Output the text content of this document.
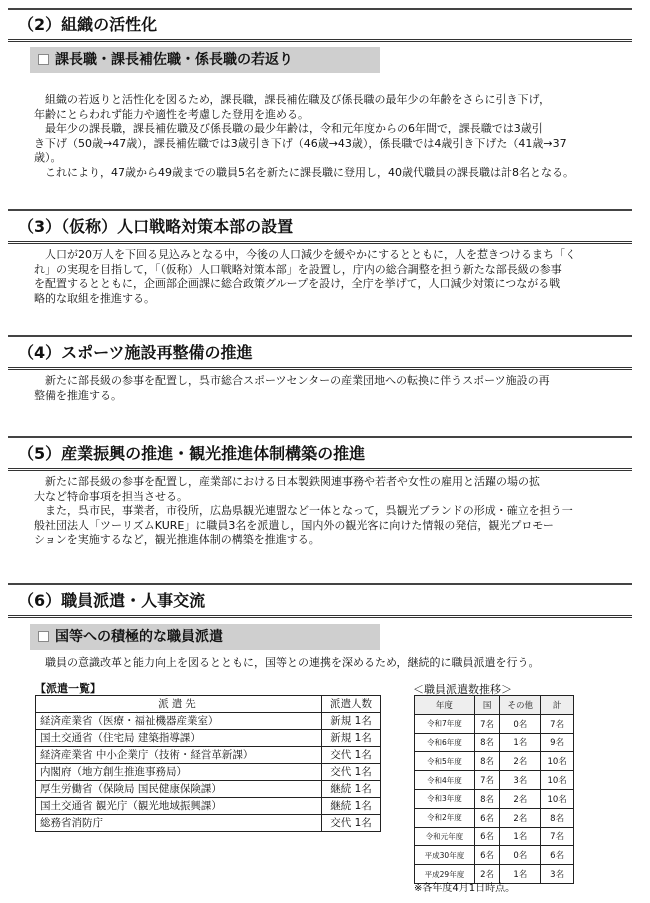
（2）組織の活性化
課長職・課長補佐職・係長職の若返り

組織の若返りと活性化を図るため，課長職，課長補佐職及び係長職の最年少の年齢をさらに引き下げ，

年齢にとらわれず能力や適性を考慮した登用を進める。

最年少の課長職，課長補佐職及び係長職の最少年齢は，令和元年度からの6年間で，課長職では3歳引

き下げ（50歳→47歳），課長補佐職では3歳引き下げ（46歳→43歳），係長職では4歳引き下げた（41歳→37
歳）。

これにより，47歳から49歳までの職員5名を新たに課長職に登用し，40歳代職員の課長職は計8名となる。

（3）（仮称）人口戦略対策本部の設置

人口が20万人を下回る見込みとなる中，今後の人口減少を緩やかにするとともに，人を惹きつけるまち「く

れ」の実現を目指して，「（仮称）人口戦略対策本部」を設置し，庁内の総合調整を担う新たな部長級の参事
を配置するとともに，企画部企画課に総合政策グループを設け，全庁を挙げて，人口減少対策につながる戦
略的な取組を推進する。
（4）スポーツ施設再整備の推進

新たに部長級の参事を配置し，呉市総合スポーツセンターの産業団地への転換に伴うスポーツ施設の再

整備を推進する。
（5）産業振興の推進・観光推進体制構築の推進

新たに部長級の参事を配置し，産業部における日本製鉄関連事務や若者や女性の雇用と活躍の場の拡

大など特命事項を担当させる。

また，呉市民，事業者，市役所，広島県観光連盟など一体となって，呉観光ブランドの形成・確立を担う一

般社団法人「ツーリズムKURE」に職員3名を派遣し，国内外の観光客に向けた情報の発信，観光プロモー
ションを実施するなど，観光推進体制の構築を推進する。
（6）職員派遣・人事交流
国等への積極的な職員派遣

職員の意識改革と能力向上を図るとともに，国等との連携を深めるため，継続的に職員派遣を行う。

【派遣一覧】
派遣先	派遣人数
経済産業省（医療・福祉機器産業室）	新規 1名
国土交通省（住宅局 建築指導課）	新規 1名
経済産業省 中小企業庁（技術・経営革新課）	交代 1名
内閣府（地方創生推進事務局）	交代 1名
厚生労働省（保険局 国民健康保険課）	継続 1名
国土交通省 観光庁（観光地域振興課）	継続 1名
総務省消防庁	交代 1名
＜職員派遣数推移＞
年度	国	その他	計
令和7年度	7名	0名	7名
令和6年度	8名	1名	9名
令和5年度	8名	2名	10名
令和4年度	7名	3名	10名
令和3年度	8名	2名	10名
令和2年度	6名	2名	8名
令和元年度	6名	1名	7名
平成30年度	6名	0名	6名
平成29年度	2名	1名	3名
※各年度4月1日時点。
